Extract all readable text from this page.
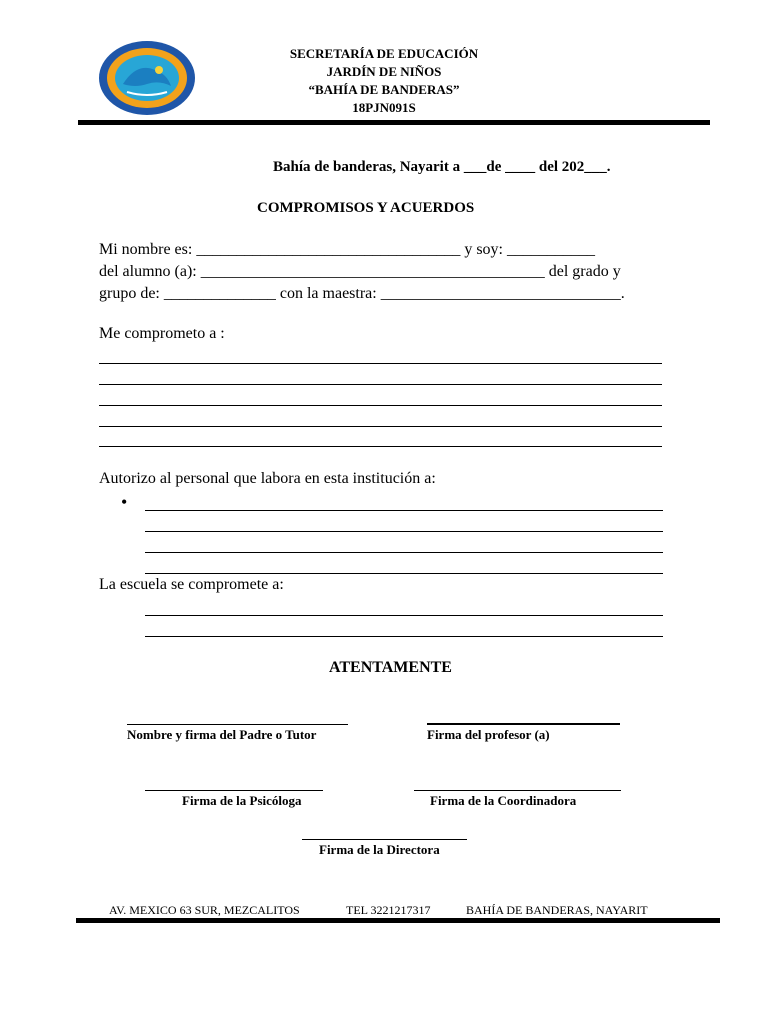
SECRETARÍA DE EDUCACIÓN
JARDÍN DE NIÑOS
“BAHÍA DE BANDERAS”
18PJN091S
Bahía de banderas, Nayarit a ___de ____ del 202___.
COMPROMISOS Y ACUERDOS
Mi nombre es: _________________________________ y soy: ___________
del alumno (a): ___________________________________________ del grado y
grupo de: ______________ con la maestra: ______________________________.
Me comprometo a :
Autorizo al personal que labora en esta institución a:
•
La escuela se compromete a:
ATENTAMENTE
Nombre y firma del Padre o Tutor	Firma del profesor (a)
Firma de la Psicóloga	Firma de la Coordinadora
Firma de la Directora
AV. MEXICO 63 SUR, MEZCALITOS	TEL 3221217317	BAHÍA DE BANDERAS, NAYARIT
